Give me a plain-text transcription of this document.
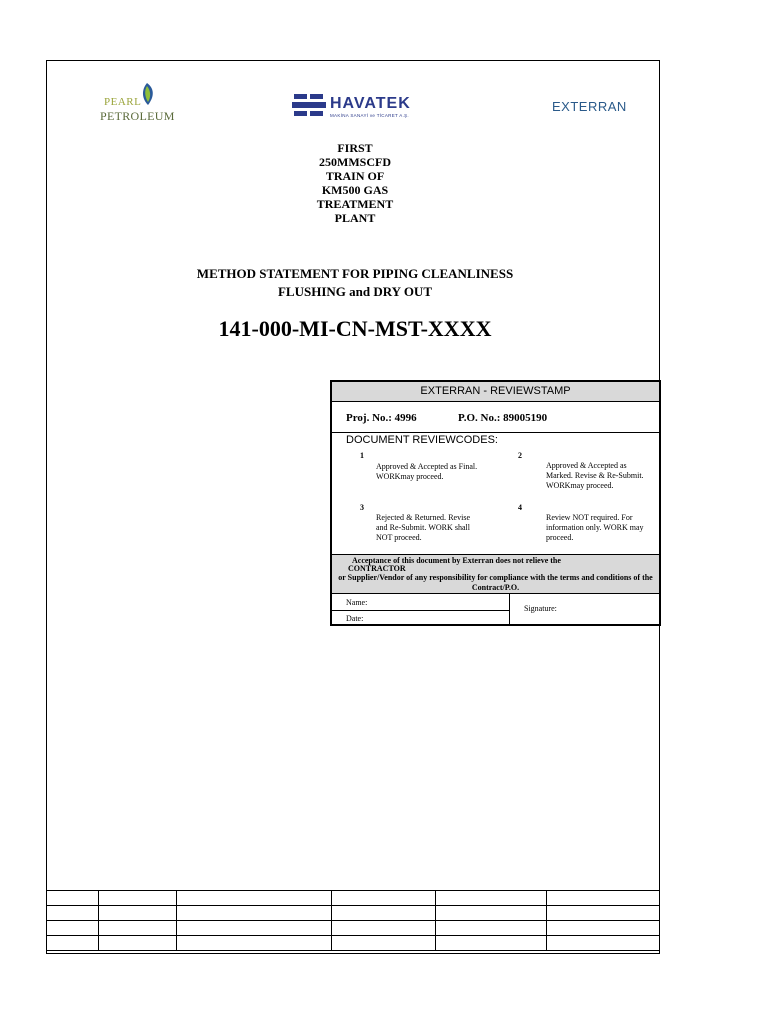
PEARL
PETROLEUM
HAVATEK
MAKİNA SANAYİ ve TİCARET A.Ş.
EXTERRAN
FIRST
250MMSCFD
TRAIN OF
KM500 GAS
TREATMENT
PLANT
METHOD STATEMENT FOR PIPING CLEANLINESS
FLUSHING and DRY OUT
141-000-MI-CN-MST-XXXX
EXTERRAN - REVIEWSTAMP
Proj. No.: 4996	P.O. No.: 89005190
DOCUMENT REVIEWCODES:
1
Approved & Accepted as Final. WORKmay proceed.
2
Approved & Accepted as Marked. Revise & Re-Submit. WORKmay proceed.
3
Rejected & Returned. Revise and Re-Submit. WORK shall NOT proceed.
4
Review NOT required. For information only. WORK may proceed.
Acceptance of this document by Exterran does not relieve the
CONTRACTOR
or Supplier/Vendor of any responsibility for compliance with the terms and conditions of the Contract/P.O.
Name:
Date:
Signature:
